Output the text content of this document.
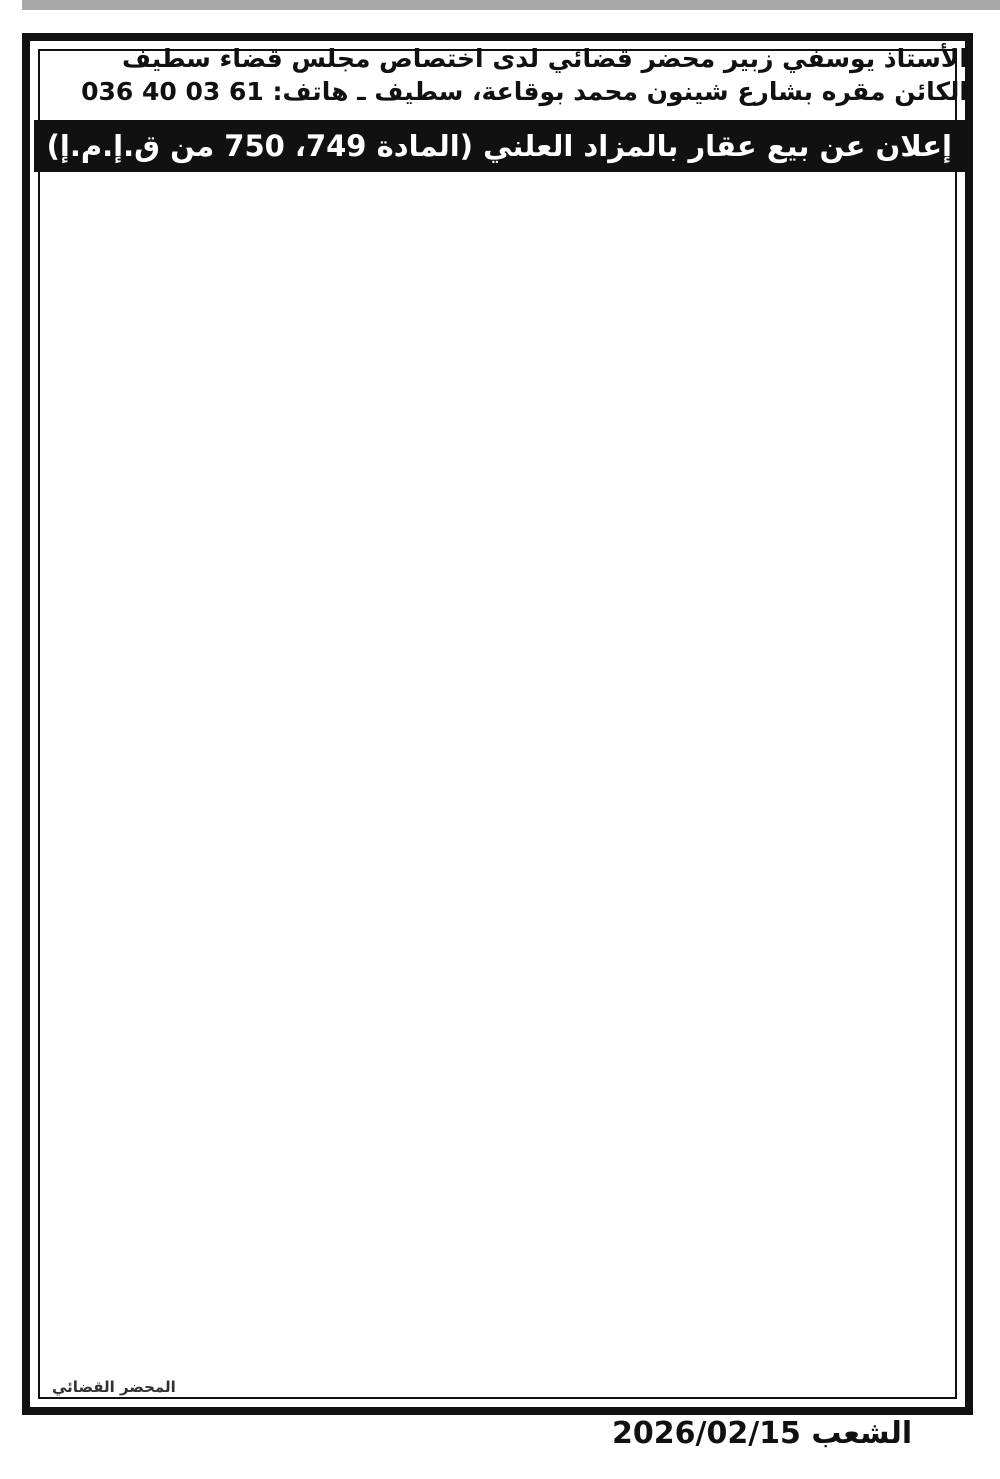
الأستاذ يوسفي زبير محضر قضائي لدى اختصاص مجلس قضاء سطيف
الكائن مقره بشارع شينون محمد بوقاعة، سطيف ـ هاتف: 036 40 03 61
إعلان عن بيع عقار بالمزاد العلني (المادة 749، 750 من ق.إ.م.إ)
المحضر القضائي
الشعب 2026/02/15
